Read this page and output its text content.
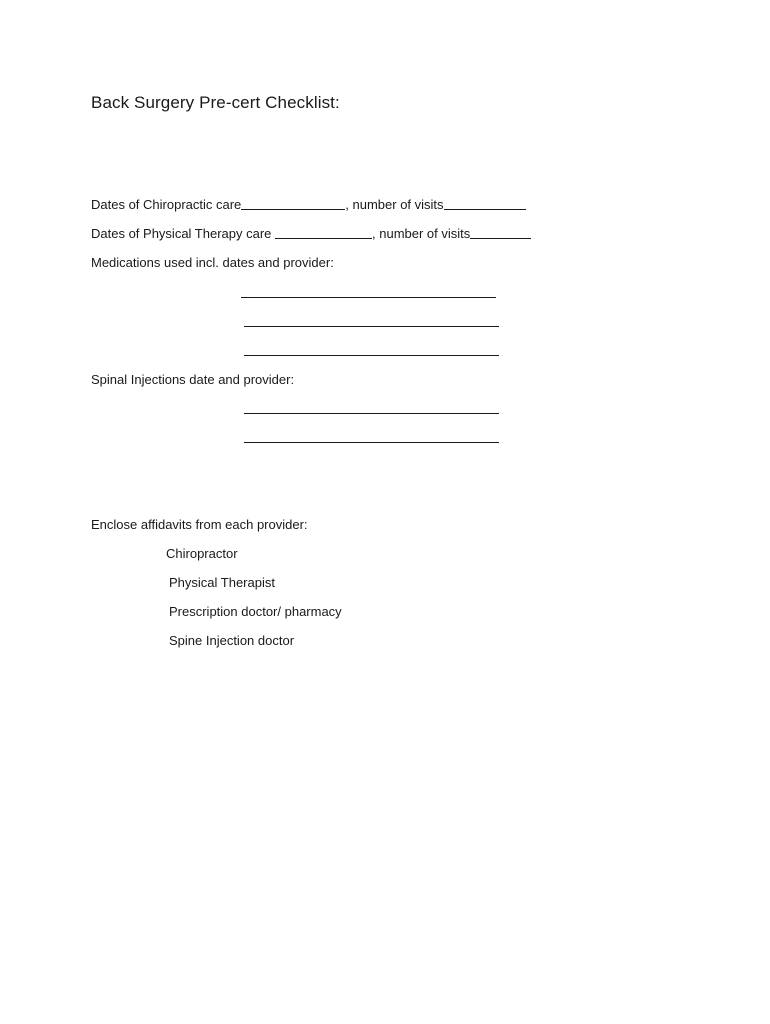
Back Surgery Pre-cert Checklist:
Dates of Chiropractic care	, number of visits
Dates of Physical Therapy care	, number of visits
Medications used incl. dates and provider:
Spinal Injections date and provider:
Enclose affidavits from each provider:
Chiropractor
Physical Therapist
Prescription doctor/ pharmacy
Spine Injection doctor
